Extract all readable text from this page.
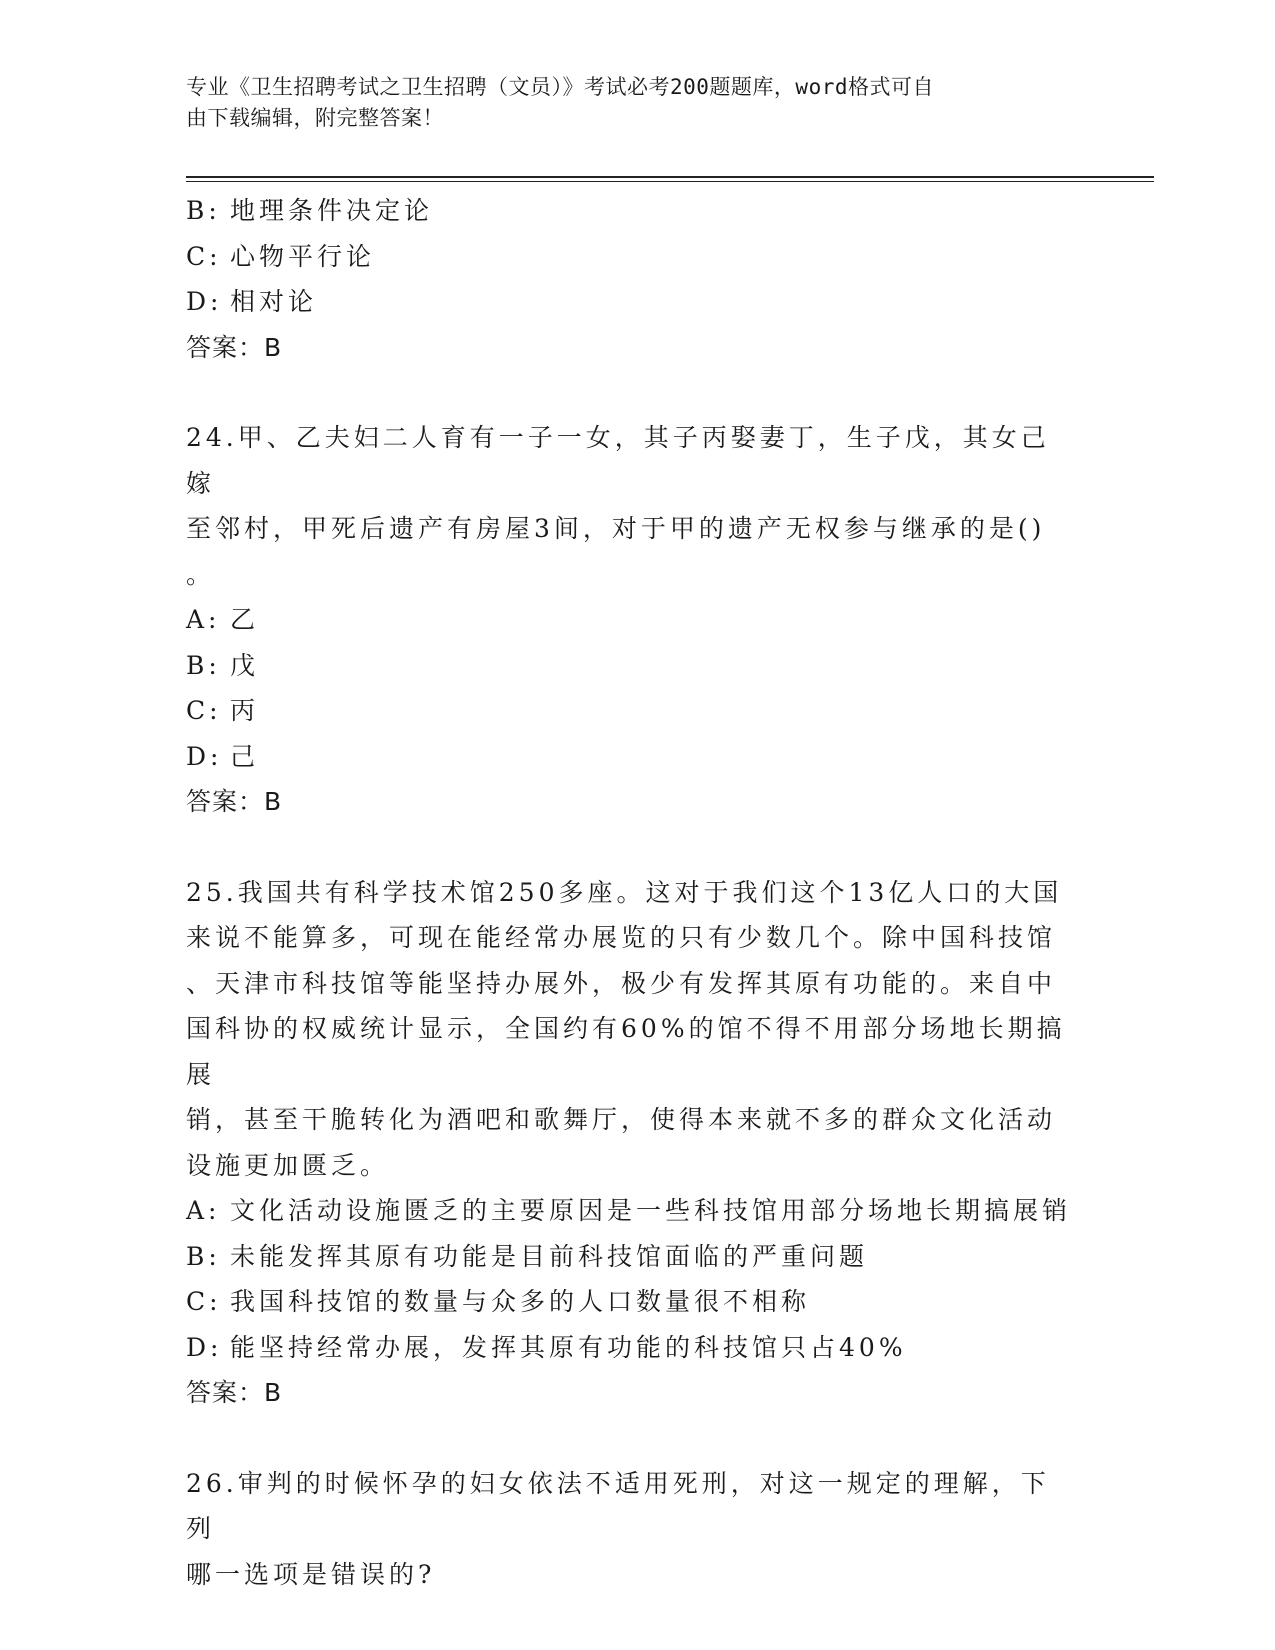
专业《卫生招聘考试之卫生招聘（文员）》考试必考200题题库，word格式可自
由下载编辑，附完整答案！
B: 地理条件决定论
C: 心物平行论
D: 相对论
答案：B
24.甲、乙夫妇二人育有一子一女，其子丙娶妻丁，生子戊，其女己嫁
至邻村，甲死后遗产有房屋3间，对于甲的遗产无权参与继承的是()
。
A: 乙
B: 戊
C: 丙
D: 己
答案：B
25.我国共有科学技术馆250多座。这对于我们这个13亿人口的大国
来说不能算多，可现在能经常办展览的只有少数几个。除中国科技馆
、天津市科技馆等能坚持办展外，极少有发挥其原有功能的。来自中
国科协的权威统计显示，全国约有60%的馆不得不用部分场地长期搞展
销，甚至干脆转化为酒吧和歌舞厅，使得本来就不多的群众文化活动
设施更加匮乏。
A: 文化活动设施匮乏的主要原因是一些科技馆用部分场地长期搞展销
B: 未能发挥其原有功能是目前科技馆面临的严重问题
C: 我国科技馆的数量与众多的人口数量很不相称
D: 能坚持经常办展，发挥其原有功能的科技馆只占40%
答案：B
26.审判的时候怀孕的妇女依法不适用死刑，对这一规定的理解，下列
哪一选项是错误的?
